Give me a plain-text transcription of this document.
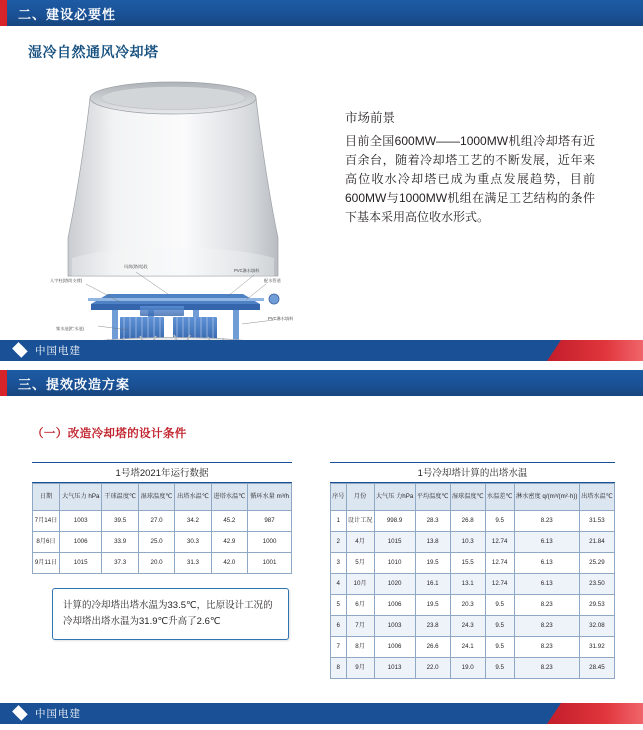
二、建设必要性
湿冷自然通风冷却塔
人字柱(塔筒支撑)
集水池(贮水池)
风筒(塔筒)段
PVC淋水填料
配水管道
PVC淋水填料
市场前景
目前全国600MW——1000MW机组冷却塔有近百余台，随着冷却塔工艺的不断发展，近年来高位收水冷却塔已成为重点发展趋势，目前600MW与1000MW机组在满足工艺结构的条件下基本采用高位收水形式。
中国电建
三、提效改造方案
（一）改造冷却塔的设计条件
1号塔2021年运行数据
日期	大气压力 hPa	干球温度℃	湿球温度℃	出塔水温℃	进塔水温℃	循环水量 m³/h
7月14日	1003	39.5	27.0	34.2	45.2	987
8月6日	1006	33.9	25.0	30.3	42.9	1000
9月11日	1015	37.3	20.0	31.3	42.0	1001
1号冷却塔计算的出塔水温
序号	月份	大气压 力hPa	平均温度℃	湿球温度℃	水温差℃	淋水密度 q/(m³/(m²·h))	出塔水温℃
1	设计工况	998.9	28.3	26.8	9.5	8.23	31.53
2	4月	1015	13.8	10.3	12.74	6.13	21.84
3	5月	1010	19.5	15.5	12.74	6.13	25.29
4	10月	1020	16.1	13.1	12.74	6.13	23.50
5	6月	1006	19.5	20.3	9.5	8.23	29.53
6	7月	1003	23.8	24.3	9.5	8.23	32.08
7	8月	1006	26.6	24.1	9.5	8.23	31.92
8	9月	1013	22.0	19.0	9.5	8.23	28.45
计算的冷却塔出塔水温为33.5℃，比原设计工况的冷却塔出塔水温为31.9℃升高了2.6℃
中国电建
